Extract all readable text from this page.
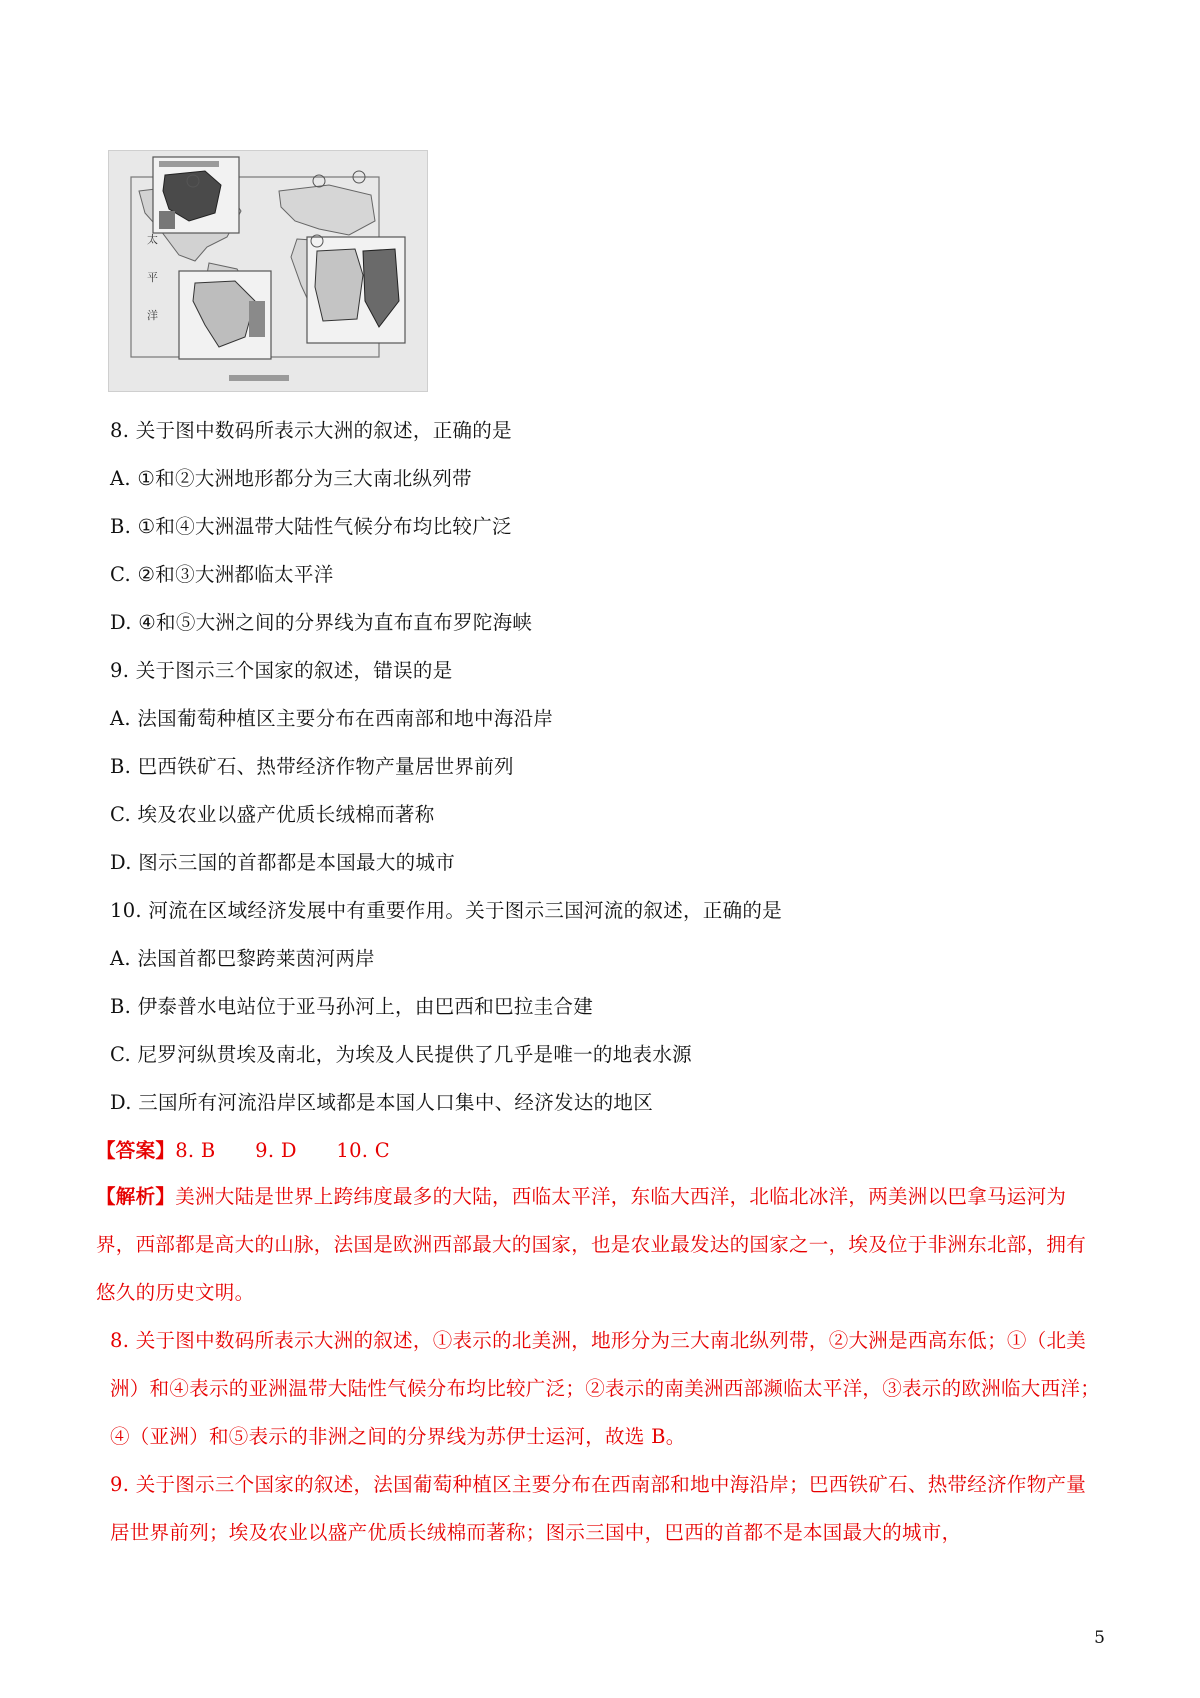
太
平
洋
8. 关于图中数码所表示大洲的叙述，正确的是
A. ①和②大洲地形都分为三大南北纵列带
B. ①和④大洲温带大陆性气候分布均比较广泛
C. ②和③大洲都临太平洋
D. ④和⑤大洲之间的分界线为直布直布罗陀海峡
9. 关于图示三个国家的叙述，错误的是
A. 法国葡萄种植区主要分布在西南部和地中海沿岸
B. 巴西铁矿石、热带经济作物产量居世界前列
C. 埃及农业以盛产优质长绒棉而著称
D. 图示三国的首都都是本国最大的城市
10. 河流在区域经济发展中有重要作用。关于图示三国河流的叙述，正确的是
A. 法国首都巴黎跨莱茵河两岸
B. 伊泰普水电站位于亚马孙河上，由巴西和巴拉圭合建
C. 尼罗河纵贯埃及南北，为埃及人民提供了几乎是唯一的地表水源
D. 三国所有河流沿岸区域都是本国人口集中、经济发达的地区
【答案】8. B　　9. D　　10. C
【解析】美洲大陆是世界上跨纬度最多的大陆，西临太平洋，东临大西洋，北临北冰洋，两美洲以巴拿马运河为界，西部都是高大的山脉，法国是欧洲西部最大的国家，也是农业最发达的国家之一，埃及位于非洲东北部，拥有悠久的历史文明。
8. 关于图中数码所表示大洲的叙述，①表示的北美洲，地形分为三大南北纵列带，②大洲是西高东低；①（北美洲）和④表示的亚洲温带大陆性气候分布均比较广泛；②表示的南美洲西部濒临太平洋，③表示的欧洲临大西洋；④（亚洲）和⑤表示的非洲之间的分界线为苏伊士运河，故选 B。
9. 关于图示三个国家的叙述，法国葡萄种植区主要分布在西南部和地中海沿岸；巴西铁矿石、热带经济作物产量居世界前列；埃及农业以盛产优质长绒棉而著称；图示三国中，巴西的首都不是本国最大的城市，
5
